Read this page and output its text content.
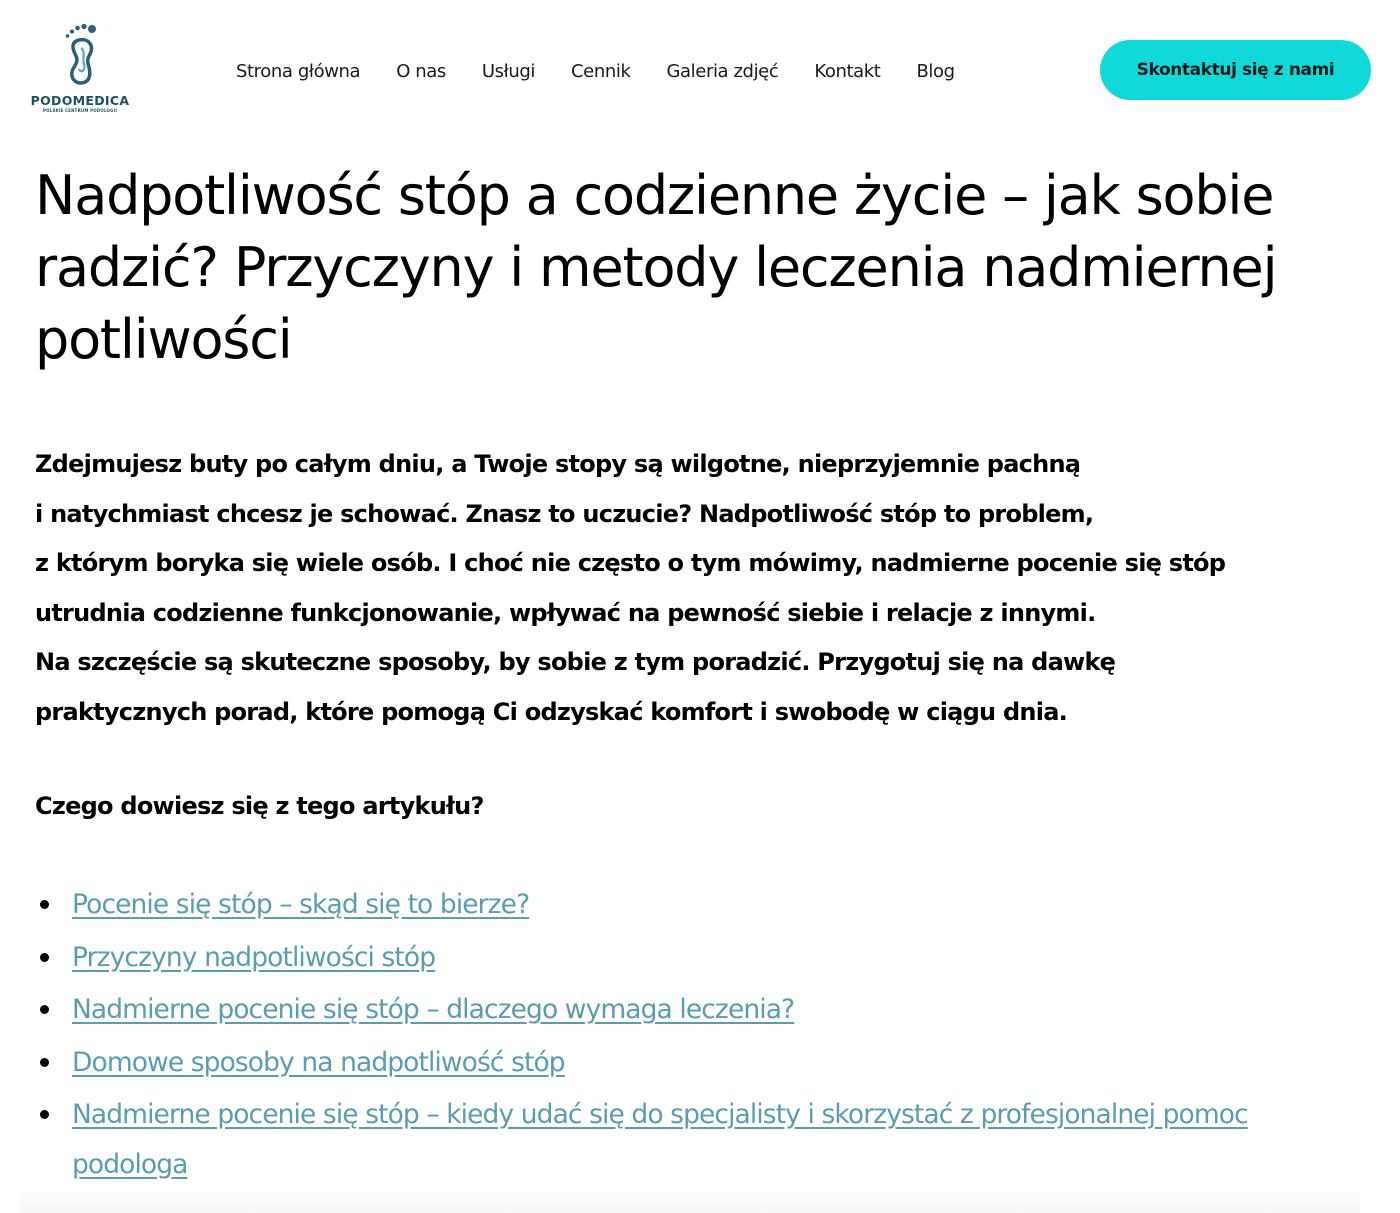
PODOMEDICA
POLSKIE CENTRUM PODOLOGII
Strona główna O nas Usługi Cennik Galeria zdjęć Kontakt Blog	Skontaktuj się z nami
Nadpotliwość stóp a codzienne życie – jak sobie radzić? Przyczyny i metody leczenia nadmiernej potliwości
Zdejmujesz buty po całym dniu, a Twoje stopy są wilgotne, nieprzyjemnie pachną
i natychmiast chcesz je schować. Znasz to uczucie? Nadpotliwość stóp to problem,
z którym boryka się wiele osób. I choć nie często o tym mówimy, nadmierne pocenie się stóp
utrudnia codzienne funkcjonowanie, wpływać na pewność siebie i relacje z innymi.
Na szczęście są skuteczne sposoby, by sobie z tym poradzić. Przygotuj się na dawkę
praktycznych porad, które pomogą Ci odzyskać komfort i swobodę w ciągu dnia.
Czego dowiesz się z tego artykułu?
Pocenie się stóp – skąd się to bierze?
Przyczyny nadpotliwości stóp
Nadmierne pocenie się stóp – dlaczego wymaga leczenia?
Domowe sposoby na nadpotliwość stóp
Nadmierne pocenie się stóp – kiedy udać się do specjalisty i skorzystać z profesjonalnej pomoc
podologa
